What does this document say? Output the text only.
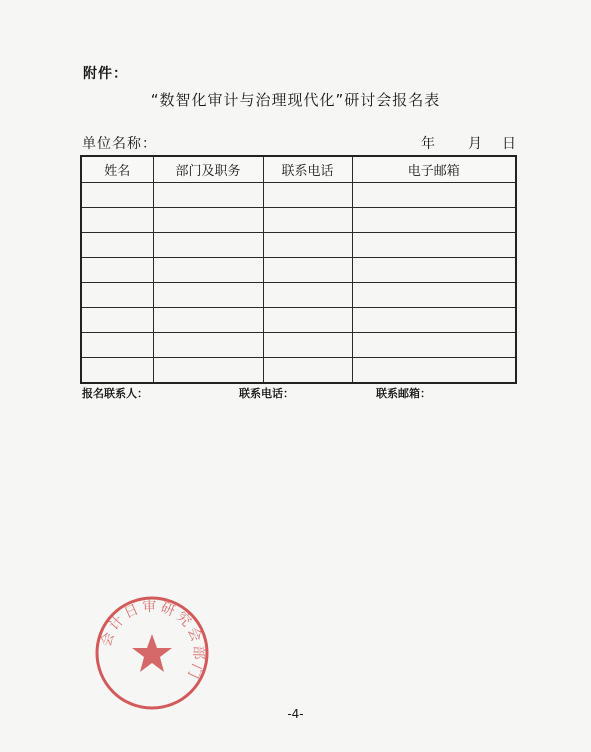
附件：
“数智化审计与治理现代化”研讨会报名表
单位名称：	年 月 日
姓名	部门及职务	联系电话	电子邮箱

报名联系人：	联系电话：	联系邮箱：
会计日审研究会部门
-4-
